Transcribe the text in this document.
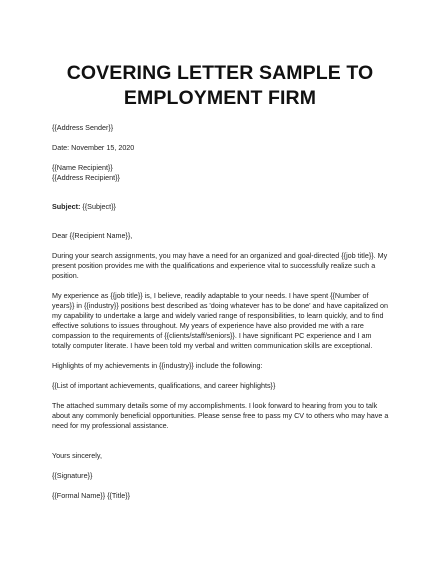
COVERING LETTER SAMPLE TO
EMPLOYMENT FIRM

{{Address Sender}}

Date: November 15, 2020

{{Name Recipient}}

{{Address Recipient}}

Subject: {{Subject}}

Dear {{Recipient Name}},

During your search assignments, you may have a need for an organized and goal-directed {{job title}}. My present position provides me with the qualifications and experience vital to successfully realize such a position.

My experience as {{job title}} is, I believe, readily adaptable to your needs. I have spent {{Number of years}} in {{industry}} positions best described as 'doing whatever has to be done' and have capitalized on my capability to undertake a large and widely varied range of responsibilities, to learn quickly, and to find effective solutions to issues throughout. My years of experience have also provided me with a rare compassion to the requirements of {{clients/staff/seniors}}. I have significant PC experience and I am totally computer literate. I have been told my verbal and written communication skills are exceptional.

Highlights of my achievements in {{industry}} include the following:

{{List of important achievements, qualifications, and career highlights}}

The attached summary details some of my accomplishments. I look forward to hearing from you to talk about any commonly beneficial opportunities. Please sense free to pass my CV to others who may have a need for my professional assistance.

Yours sincerely,

{{Signature}}

{{Formal Name}} {{Title}}
